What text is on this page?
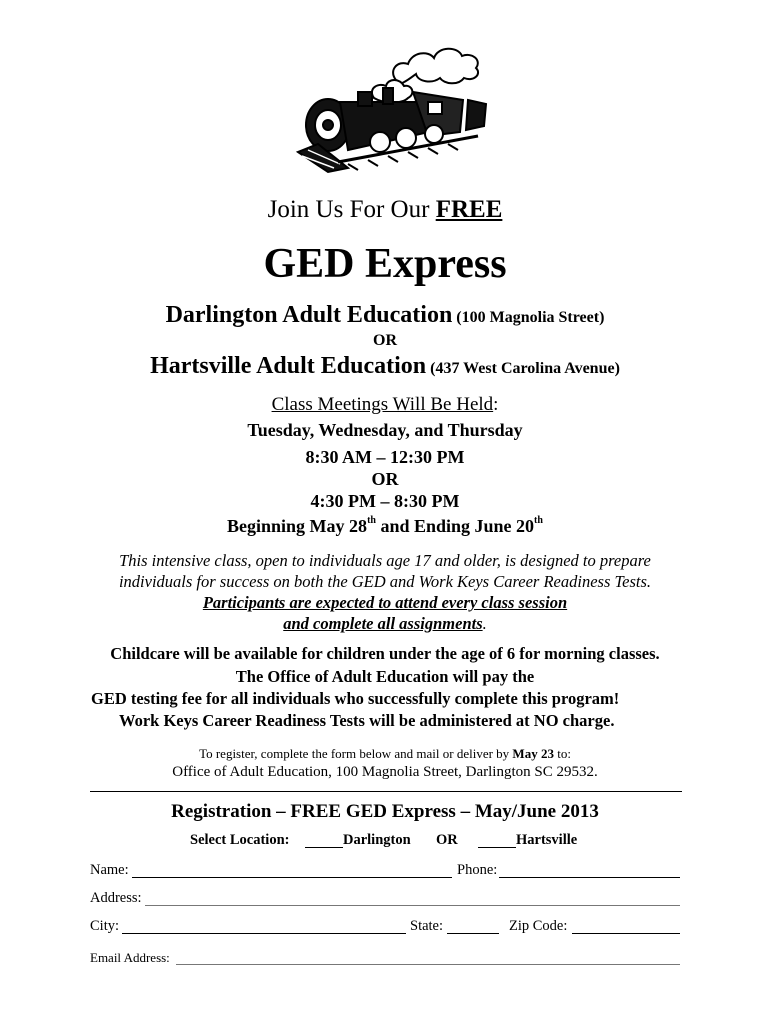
Join Us For Our FREE
GED Express
Darlington Adult Education (100 Magnolia Street)
OR
Hartsville Adult Education (437 West Carolina Avenue)
Class Meetings Will Be Held:
Tuesday, Wednesday, and Thursday
8:30 AM – 12:30 PM
OR
4:30 PM – 8:30 PM
Beginning May 28th and Ending June 20th
This intensive class, open to individuals age 17 and older, is designed to prepare
individuals for success on both the GED and Work Keys Career Readiness Tests.
Participants are expected to attend every class session
and complete all assignments.
Childcare will be available for children under the age of 6 for morning classes.
The Office of Adult Education will pay the
GED testing fee for all individuals who successfully complete this program!
Work Keys Career Readiness Tests will be administered at NO charge.
To register, complete the form below and mail or deliver by May 23 to:
Office of Adult Education, 100 Magnolia Street, Darlington SC 29532.
Registration – FREE GED Express – May/June 2013
Select Location:	Darlington OR	Hartsville
Name:	Phone:
Address:
City:	State:	Zip Code:
Email Address:
